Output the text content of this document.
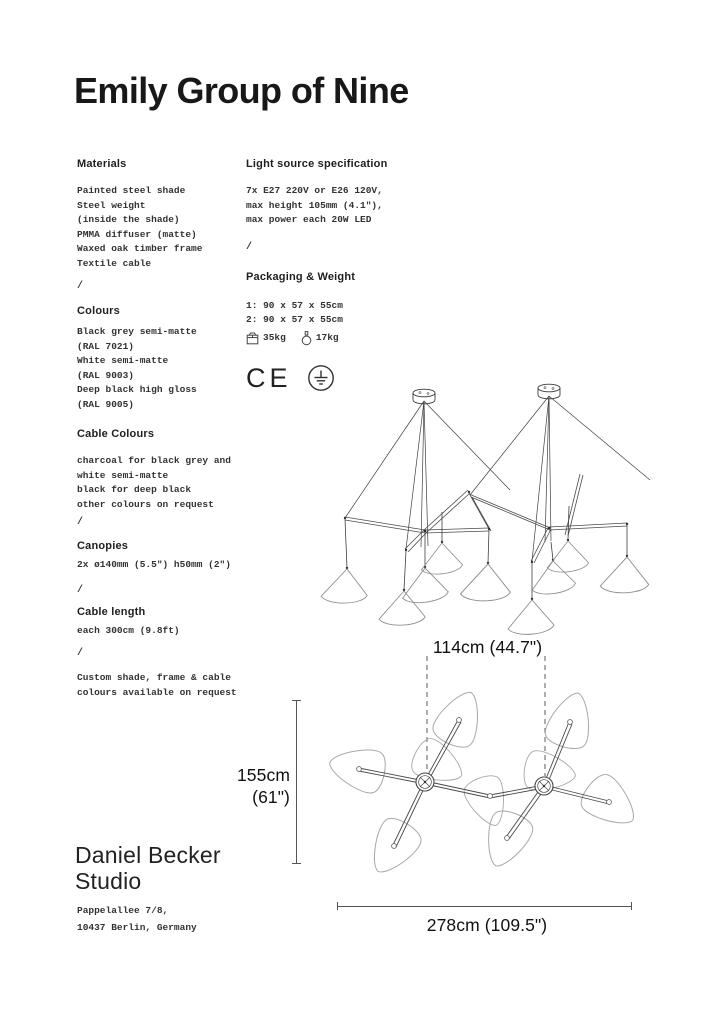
Emily Group of Nine
Materials
Painted steel shade
Steel weight
(inside the shade)
PMMA diffuser (matte)
Waxed oak timber frame
Textile cable
/
Colours
Black grey semi-matte
(RAL 7021)
White semi-matte
(RAL 9003)
Deep black high gloss
(RAL 9005)
Cable Colours
charcoal for black grey and
white semi-matte
black for deep black
other colours on request
/
Canopies
2x ø140mm (5.5") h50mm (2")
/
Cable length
each 300cm (9.8ft)
/
Custom shade, frame & cable
colours available on request
Light source specification
7x E27 220V or E26 120V,
max height 105mm (4.1"),
max power each 20W LED
/
Packaging & Weight
1: 90 x 57 x 55cm
2: 90 x 57 x 55cm
35kg	17kg
CE
114cm (44.7")
155cm
(61")
278cm (109.5")
Daniel Becker
Studio
Pappelallee 7/8,
10437 Berlin, Germany
